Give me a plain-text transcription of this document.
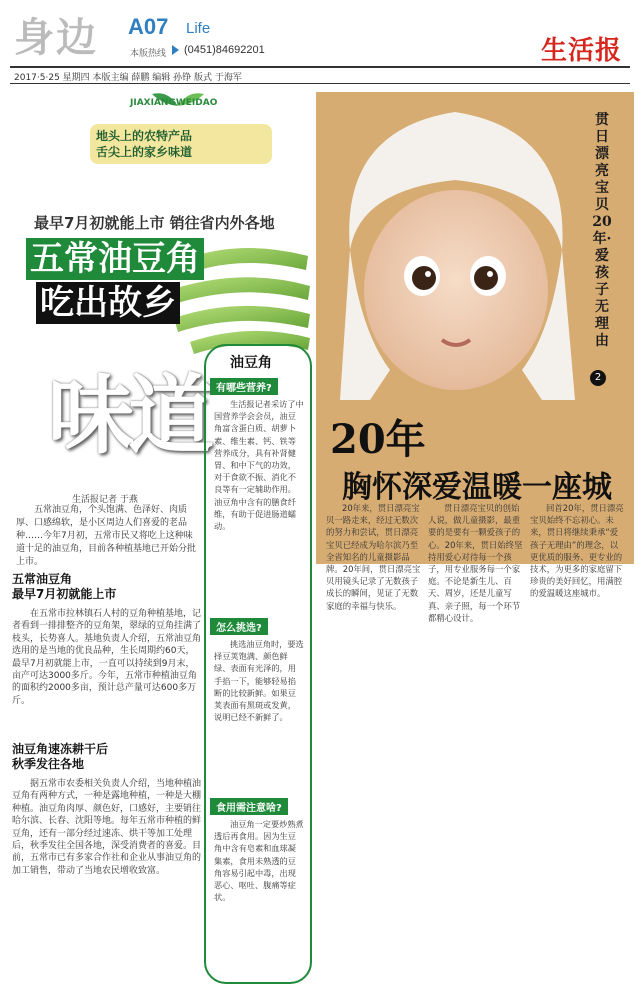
身边 A07 Life
本版热线 (0451)84692201	生活报
2017·5·25 星期四 本版主编 薛鹏 编辑 孙铮 版式 于海军
JIAXIANGWEIDAO
地头上的农特产品
舌尖上的家乡味道
最早7月初就能上市 销往省内外各地
五常油豆角
吃出故乡
味道
生活报记者 于燕
五常油豆角，个头饱满、色泽好、肉质厚、口感绵软，是小区周边人们喜爱的老品种……今年7月初，五常市民又将吃上这种味道十足的油豆角，目前各种植基地已开始分批上市。
五常油豆角
最早7月初就能上市
在五常市拉林镇石人村的豆角种植基地，记者看到一排排整齐的豆角架，翠绿的豆角挂满了枝头，长势喜人。基地负责人介绍，五常油豆角选用的是当地的优良品种，生长周期约60天，最早7月初就能上市，一直可以持续到9月末，亩产可达3000多斤。今年，五常市种植油豆角的面积约2000多亩，预计总产量可达600多万斤。
油豆角速冻耕干后
秋季发往各地
据五常市农委相关负责人介绍，当地种植油豆角有两种方式，一种是露地种植，一种是大棚种植。油豆角肉厚、颜色好，口感好，主要销往哈尔滨、长春、沈阳等地。每年五常市种植的鲜豆角，还有一部分经过速冻、烘干等加工处理后，秋季发往全国各地，深受消费者的喜爱。目前，五常市已有多家合作社和企业从事油豆角的加工销售，带动了当地农民增收致富。
油豆角
有哪些营养?
生活报记者采访了中国营养学会会员，油豆角富含蛋白质、胡萝卜素、维生素、钙、铁等营养成分，具有补肾健胃、和中下气的功效，对于食欲不振、消化不良等有一定辅助作用。油豆角中含有的膳食纤维，有助于促进肠道蠕动。
怎么挑选?
挑选油豆角时，要选择豆荚饱满、颜色鲜绿、表面有光泽的，用手掐一下，能够轻易掐断的比较新鲜。如果豆荚表面有黑斑或发黄，说明已经不新鲜了。
食用需注意啥?
油豆角一定要炒熟煮透后再食用。因为生豆角中含有皂素和血球凝集素，食用未熟透的豆角容易引起中毒，出现恶心、呕吐、腹痛等症状。
贯日漂亮宝贝20年·爱孩子无理由
2
20年
胸怀深爱温暖一座城
20年来，贯日漂亮宝贝一路走来，经过无数次的努力和尝试，贯日漂亮宝贝已经成为哈尔滨乃至全省知名的儿童摄影品牌。20年间，贯日漂亮宝贝用镜头记录了无数孩子成长的瞬间，见证了无数家庭的幸福与快乐。
贯日漂亮宝贝的创始人说，做儿童摄影，最重要的是要有一颗爱孩子的心。20年来，贯日始终坚持用爱心对待每一个孩子，用专业服务每一个家庭。不论是新生儿、百天、周岁，还是儿童写真、亲子照，每一个环节都精心设计。
回首20年，贯日漂亮宝贝始终不忘初心。未来，贯日将继续秉承“爱孩子无理由”的理念，以更优质的服务、更专业的技术，为更多的家庭留下珍贵的美好回忆，用满腔的爱温暖这座城市。
